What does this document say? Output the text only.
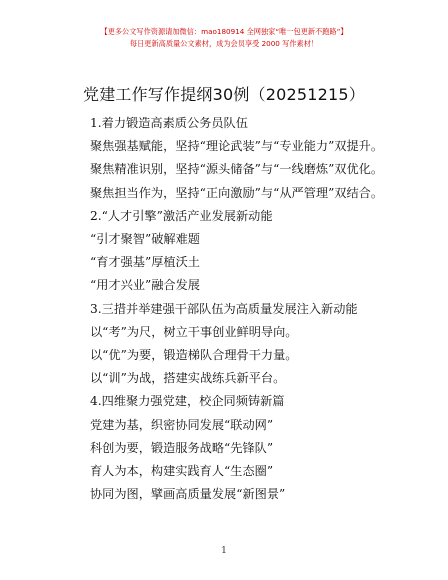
【更多公文写作资源请加微信：mao180914 全网独家“唯一包更新不跑路”】
每日更新高质量公文素材，成为会员享受 2000 写作素材！
党建工作写作提纲30例（20251215）
1.着力锻造高素质公务员队伍
聚焦强基赋能，坚持“理论武装”与“专业能力”双提升。
聚焦精准识别，坚持“源头储备”与“一线磨炼”双优化。
聚焦担当作为，坚持“正向激励”与“从严管理”双结合。
2.“人才引擎”激活产业发展新动能
“引才聚智”破解难题
“育才强基”厚植沃土
“用才兴业”融合发展
3.三措并举建强干部队伍为高质量发展注入新动能
以“考”为尺，树立干事创业鲜明导向。
以“优”为要，锻造梯队合理骨干力量。
以“训”为战，搭建实战练兵新平台。
4.四维聚力强党建，校企同频铸新篇
党建为基，织密协同发展“联动网”
科创为要，锻造服务战略“先锋队”
育人为本，构建实践育人“生态圈”
协同为图，擘画高质量发展“新图景”
1
